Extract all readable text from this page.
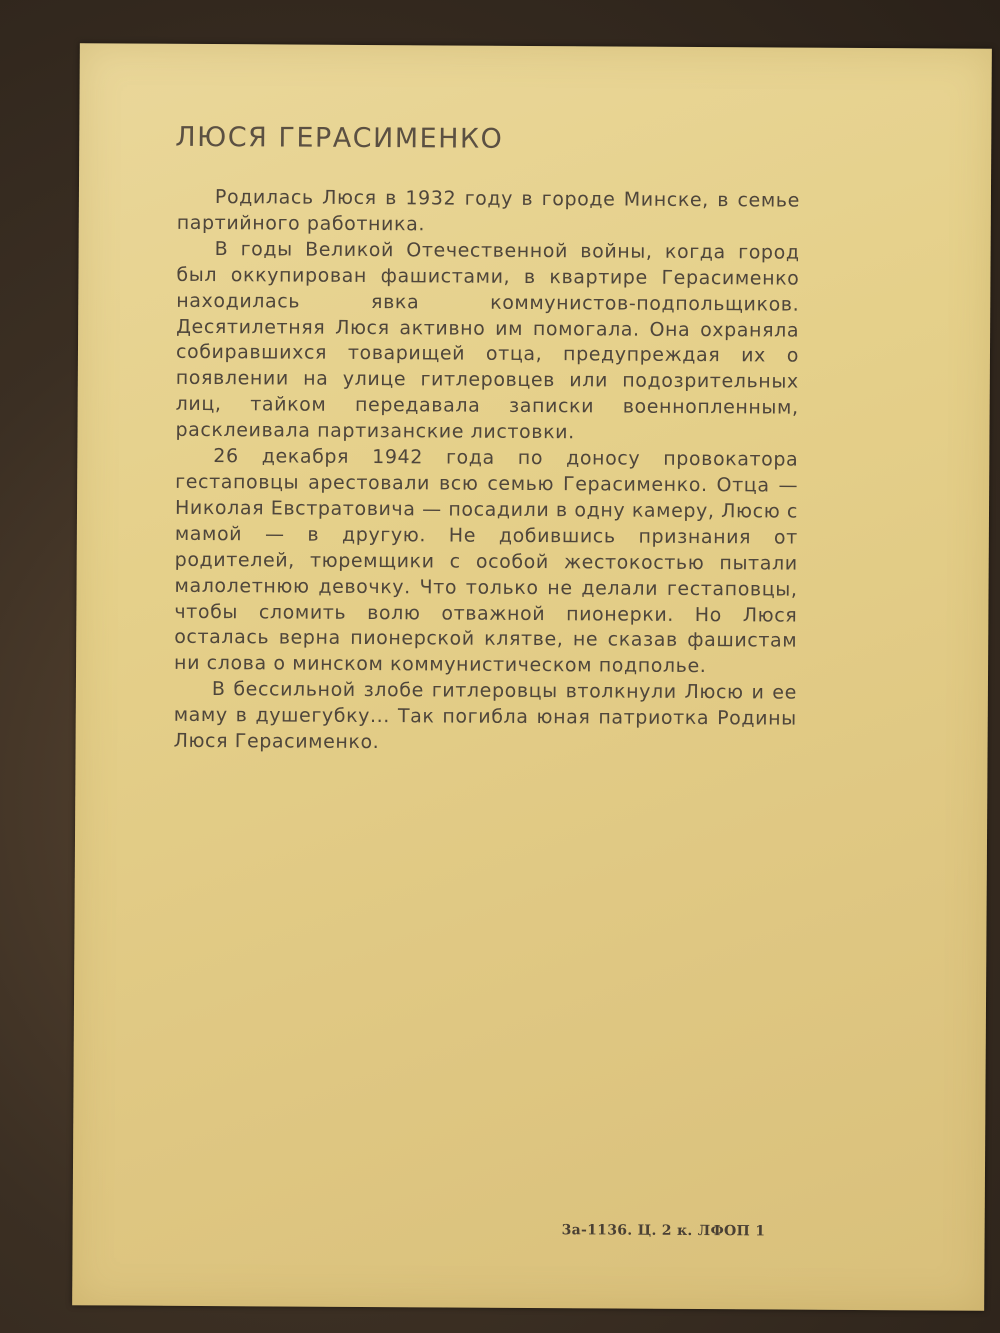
ЛЮСЯ ГЕРАСИМЕНКО

Родилась Люся в 1932 году в городе Минске, в семье партийного работника.

В годы Великой Отечественной войны, когда город был оккупирован фашистами, в квартире Герасименко находилась явка коммунистов-подпольщиков. Десятилетняя Люся активно им помогала. Она охраняла собиравшихся товарищей отца, предупреждая их о появлении на улице гитлеровцев или подозрительных лиц, тайком передавала записки военнопленным, расклеивала партизанские листовки.

26 декабря 1942 года по доносу провокатора гестаповцы арестовали всю семью Герасименко. Отца — Николая Евстратовича — посадили в одну камеру, Люсю с мамой — в другую. Не добившись признания от родителей, тюремщики с особой жестокостью пытали малолетнюю девочку. Что только не делали гестаповцы, чтобы сломить волю отважной пионерки. Но Люся осталась верна пионерской клятве, не сказав фашистам ни слова о минском коммунистическом подполье.

В бессильной злобе гитлеровцы втолкнули Люсю и ее маму в душегубку... Так погибла юная патриотка Родины Люся Герасименко.

3а-1136. Ц. 2 к. ЛФОП 1
